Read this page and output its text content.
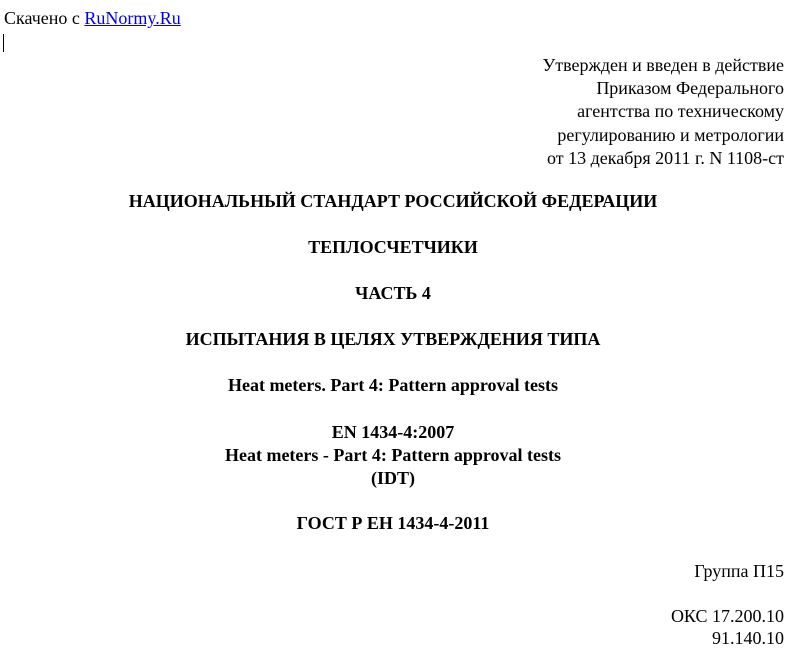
Скачено с RuNormy.Ru
Утвержден и введен в действие
Приказом Федерального
агентства по техническому
регулированию и метрологии
от 13 декабря 2011 г. N 1108-ст
НАЦИОНАЛЬНЫЙ СТАНДАРТ РОССИЙСКОЙ ФЕДЕРАЦИИ
ТЕПЛОСЧЕТЧИКИ
ЧАСТЬ 4
ИСПЫТАНИЯ В ЦЕЛЯХ УТВЕРЖДЕНИЯ ТИПА
Heat meters. Part 4: Pattern approval tests
EN 1434-4:2007
Heat meters - Part 4: Pattern approval tests
(IDT)
ГОСТ Р ЕН 1434-4-2011
Группа П15
ОКС 17.200.10
91.140.10
